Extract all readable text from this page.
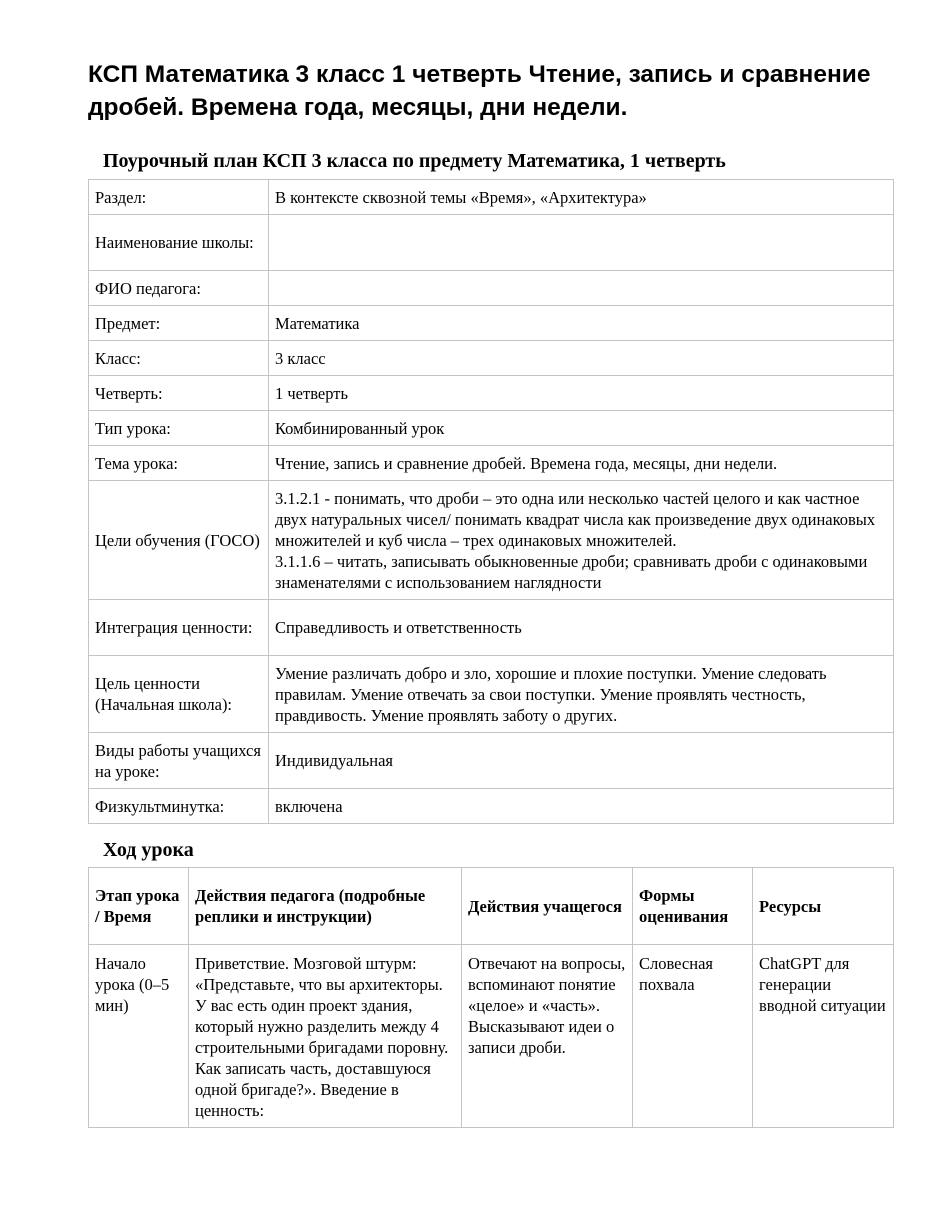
КСП Математика 3 класс 1 четверть Чтение, запись и сравнение дробей. Времена года, месяцы, дни недели.
Поурочный план КСП 3 класса по предмету Математика, 1 четверть
Раздел:	В контексте сквозной темы «Время», «Архитектура»
Наименование школы:	
ФИО педагога:	
Предмет:	Математика
Класс:	3 класс
Четверть:	1 четверть
Тип урока:	Комбинированный урок
Тема урока:	Чтение, запись и сравнение дробей. Времена года, месяцы, дни недели.
Цели обучения (ГОСО)	3.1.2.1 - понимать, что дроби – это одна или несколько частей целого и как частное двух натуральных чисел/ понимать квадрат числа как произведение двух одинаковых множителей и куб числа – трех одинаковых множителей.
3.1.1.6 – читать, записывать обыкновенные дроби; сравнивать дроби с одинаковыми знаменателями с использованием наглядности
Интеграция ценности:	Справедливость и ответственность
Цель ценности (Начальная школа):	Умение различать добро и зло, хорошие и плохие поступки. Умение следовать правилам. Умение отвечать за свои поступки. Умение проявлять честность, правдивость. Умение проявлять заботу о других.
Виды работы учащихся на уроке:	Индивидуальная
Физкультминутка:	включена
Ход урока
Этап урока / Время	Действия педагога (подробные реплики и инструкции)	Действия учащегося	Формы оценивания	Ресурсы
Начало урока (0–5 мин)	Приветствие. Мозговой штурм: «Представьте, что вы архитекторы. У вас есть один проект здания, который нужно разделить между 4 строительными бригадами поровну. Как записать часть, доставшуюся одной бригаде?». Введение в ценность:	Отвечают на вопросы, вспоминают понятие «целое» и «часть». Высказывают идеи о записи дроби.	Словесная похвала	ChatGPT для генерации вводной ситуации
